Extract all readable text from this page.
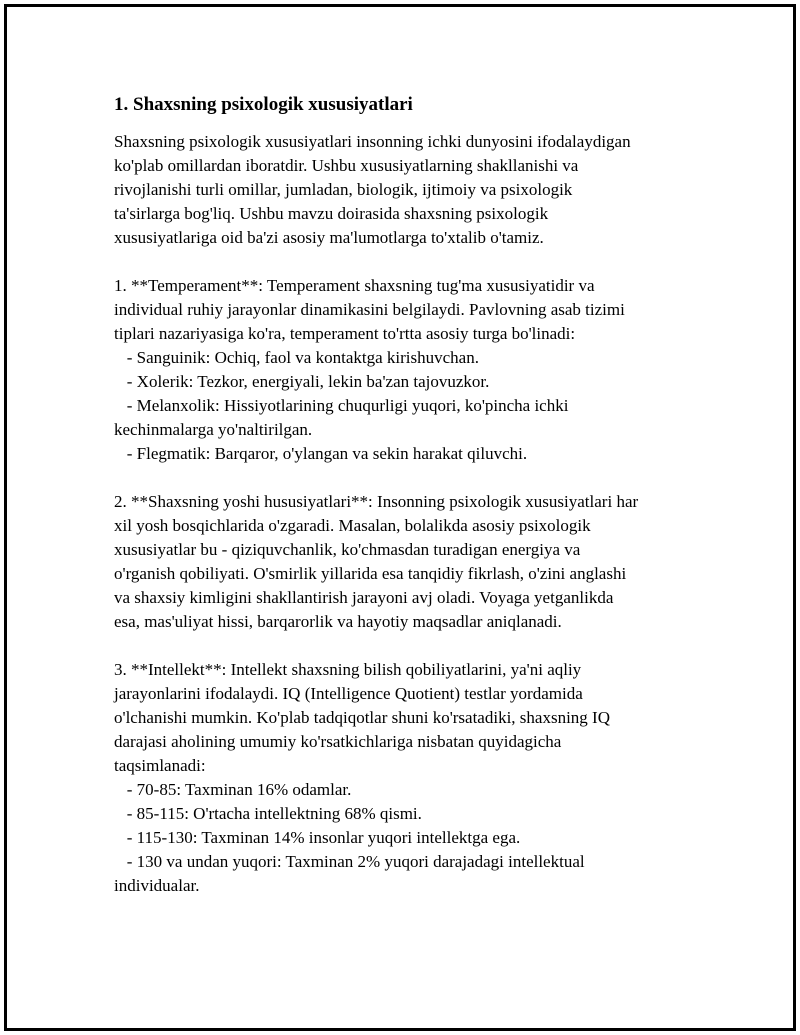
1. Shaxsning psixologik xususiyatlari

Shaxsning psixologik xususiyatlari insonning ichki dunyosini ifodalaydigan
ko'plab omillardan iboratdir. Ushbu xususiyatlarning shakllanishi va
rivojlanishi turli omillar, jumladan, biologik, ijtimoiy va psixologik
ta'sirlarga bog'liq. Ushbu mavzu doirasida shaxsning psixologik
xususiyatlariga oid ba'zi asosiy ma'lumotlarga to'xtalib o'tamiz.

1. **Temperament**: Temperament shaxsning tug'ma xususiyatidir va
individual ruhiy jarayonlar dinamikasini belgilaydi. Pavlovning asab tizimi
tiplari nazariyasiga ko'ra, temperament to'rtta asosiy turga bo'linadi:
- Sanguinik: Ochiq, faol va kontaktga kirishuvchan.
- Xolerik: Tezkor, energiyali, lekin ba'zan tajovuzkor.
- Melanxolik: Hissiyotlarining chuqurligi yuqori, ko'pincha ichki
kechinmalarga yo'naltirilgan.
- Flegmatik: Barqaror, o'ylangan va sekin harakat qiluvchi.

2. **Shaxsning yoshi hususiyatlari**: Insonning psixologik xususiyatlari har
xil yosh bosqichlarida o'zgaradi. Masalan, bolalikda asosiy psixologik
xususiyatlar bu - qiziquvchanlik, ko'chmasdan turadigan energiya va
o'rganish qobiliyati. O'smirlik yillarida esa tanqidiy fikrlash, o'zini anglashi
va shaxsiy kimligini shakllantirish jarayoni avj oladi. Voyaga yetganlikda
esa, mas'uliyat hissi, barqarorlik va hayotiy maqsadlar aniqlanadi.

3. **Intellekt**: Intellekt shaxsning bilish qobiliyatlarini, ya'ni aqliy
jarayonlarini ifodalaydi. IQ (Intelligence Quotient) testlar yordamida
o'lchanishi mumkin. Ko'plab tadqiqotlar shuni ko'rsatadiki, shaxsning IQ
darajasi aholining umumiy ko'rsatkichlariga nisbatan quyidagicha
taqsimlanadi:
- 70-85: Taxminan 16% odamlar.
- 85-115: O'rtacha intellektning 68% qismi.
- 115-130: Taxminan 14% insonlar yuqori intellektga ega.
- 130 va undan yuqori: Taxminan 2% yuqori darajadagi intellektual
individualar.
